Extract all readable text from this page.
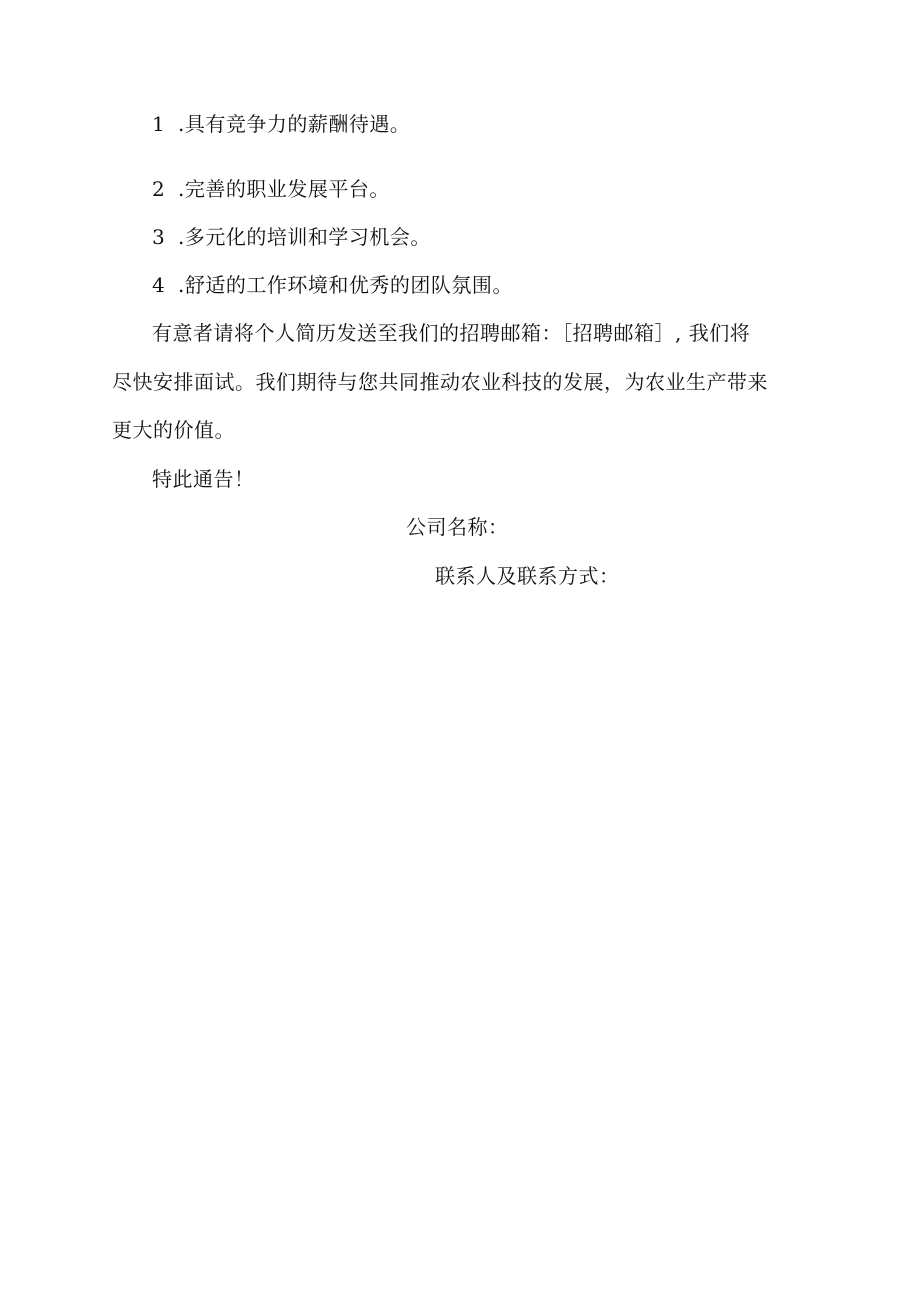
1 .具有竞争力的薪酬待遇。
2 .完善的职业发展平台。
3 .多元化的培训和学习机会。
4 .舒适的工作环境和优秀的团队氛围。
有意者请将个人简历发送至我们的招聘邮箱：［招聘邮箱］, 我们将
尽快安排面试。我们期待与您共同推动农业科技的发展，为农业生产带来
更大的价值。
特此通告！
公司名称：
联系人及联系方式：
